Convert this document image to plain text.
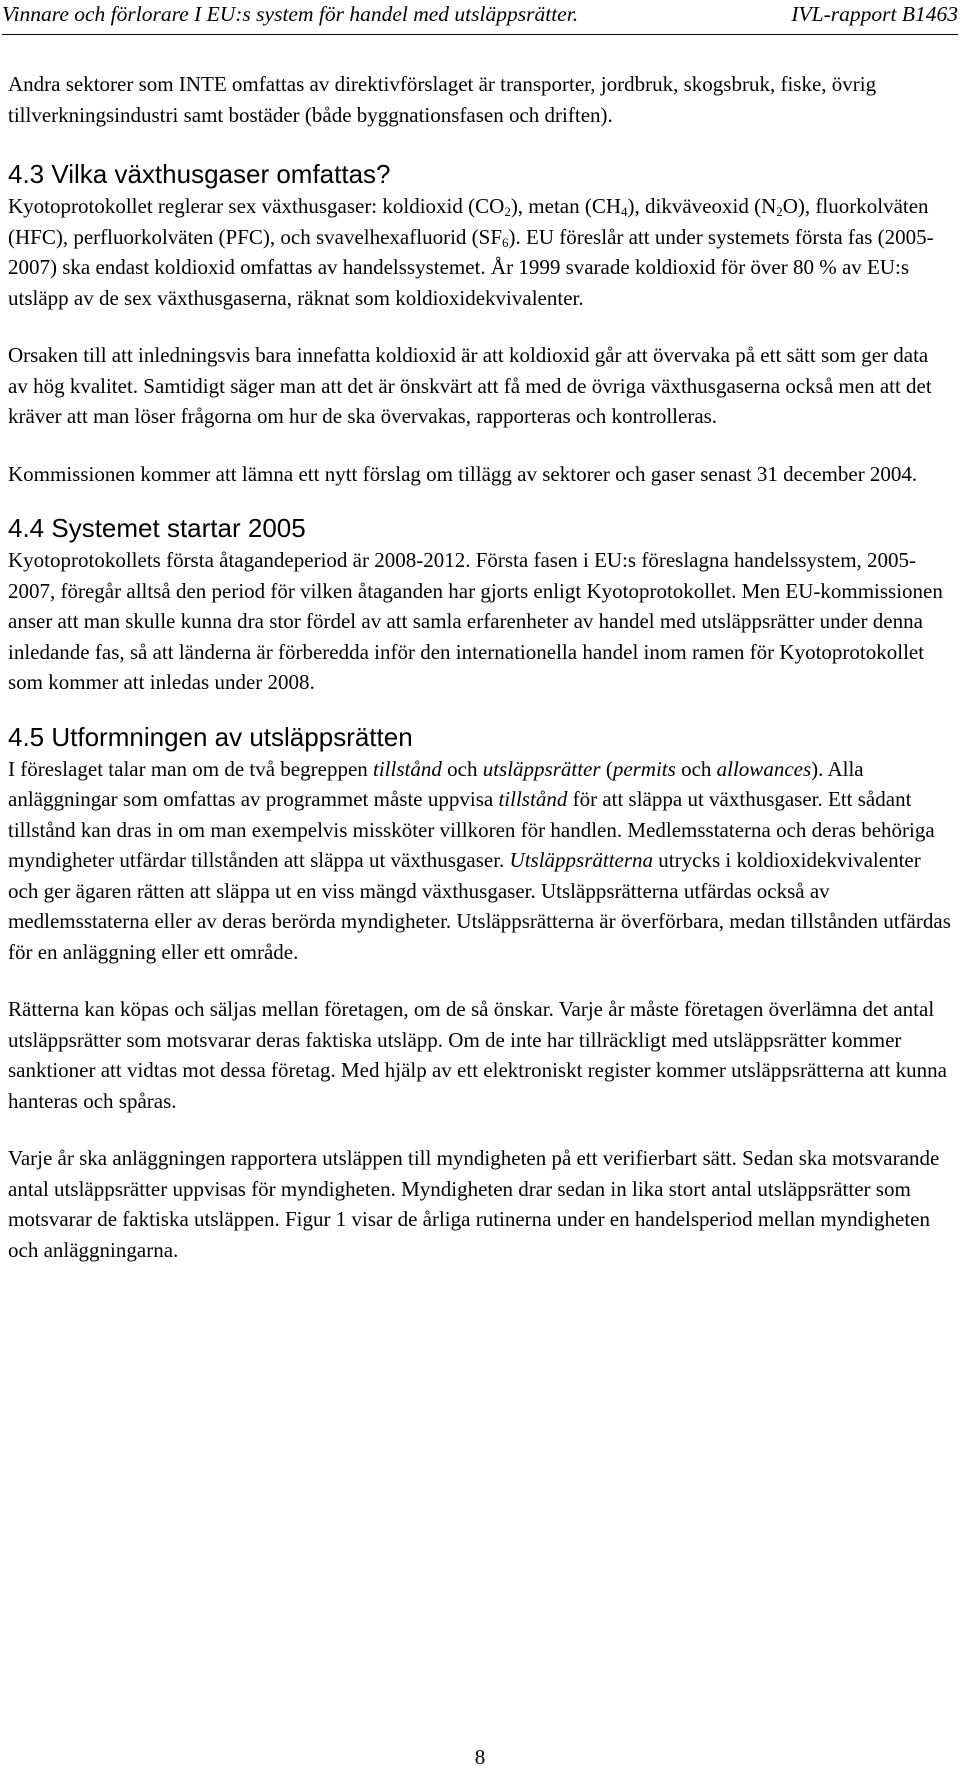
Vinnare och förlorare I EU:s system för handel med utsläppsrätter.	IVL-rapport B1463

Andra sektorer som INTE omfattas av direktivförslaget är transporter, jordbruk, skogsbruk, fiske, övrig tillverkningsindustri samt bostäder (både byggnationsfasen och driften).

4.3 Vilka växthusgaser omfattas?

Kyotoprotokollet reglerar sex växthusgaser: koldioxid $(CO_2)$, metan $(CH_4)$, dikväveoxid $(N_2O)$, fluorkolväten (HFC), perfluorkolväten (PFC), och svavelhexafluorid $(SF_6)$. EU föreslår att under systemets första fas (2005-2007) ska endast koldioxid omfattas av handelssystemet. År 1999 svarade koldioxid för över 80 % av EU:s utsläpp av de sex växthusgaserna, räknat som koldioxidekvivalenter.

Orsaken till att inledningsvis bara innefatta koldioxid är att koldioxid går att övervaka på ett sätt som ger data av hög kvalitet. Samtidigt säger man att det är önskvärt att få med de övriga växthusgaserna också men att det kräver att man löser frågorna om hur de ska övervakas, rapporteras och kontrolleras.

Kommissionen kommer att lämna ett nytt förslag om tillägg av sektorer och gaser senast 31 december 2004.

4.4 Systemet startar 2005

Kyotoprotokollets första åtagandeperiod är 2008-2012. Första fasen i EU:s föreslagna handelssystem, 2005-2007, föregår alltså den period för vilken åtaganden har gjorts enligt Kyotoprotokollet. Men EU-kommissionen anser att man skulle kunna dra stor fördel av att samla erfarenheter av handel med utsläppsrätter under denna inledande fas, så att länderna är förberedda inför den internationella handel inom ramen för Kyotoprotokollet som kommer att inledas under 2008.

4.5 Utformningen av utsläppsrätten

I föreslaget talar man om de två begreppen tillstånd och utsläppsrätter (permits och allowances). Alla anläggningar som omfattas av programmet måste uppvisa tillstånd för att släppa ut växthusgaser. Ett sådant tillstånd kan dras in om man exempelvis missköter villkoren för handlen. Medlemsstaterna och deras behöriga myndigheter utfärdar tillstånden att släppa ut växthusgaser. Utsläppsrätterna utrycks i koldioxidekvivalenter och ger ägaren rätten att släppa ut en viss mängd växthusgaser. Utsläppsrätterna utfärdas också av medlemsstaterna eller av deras berörda myndigheter. Utsläppsrätterna är överförbara, medan tillstånden utfärdas för en anläggning eller ett område.

Rätterna kan köpas och säljas mellan företagen, om de så önskar. Varje år måste företagen överlämna det antal utsläppsrätter som motsvarar deras faktiska utsläpp. Om de inte har tillräckligt med utsläppsrätter kommer sanktioner att vidtas mot dessa företag. Med hjälp av ett elektroniskt register kommer utsläppsrätterna att kunna hanteras och spåras.

Varje år ska anläggningen rapportera utsläppen till myndigheten på ett verifierbart sätt. Sedan ska motsvarande antal utsläppsrätter uppvisas för myndigheten. Myndigheten drar sedan in lika stort antal utsläppsrätter som motsvarar de faktiska utsläppen. Figur 1 visar de årliga rutinerna under en handelsperiod mellan myndigheten och anläggningarna.

8
